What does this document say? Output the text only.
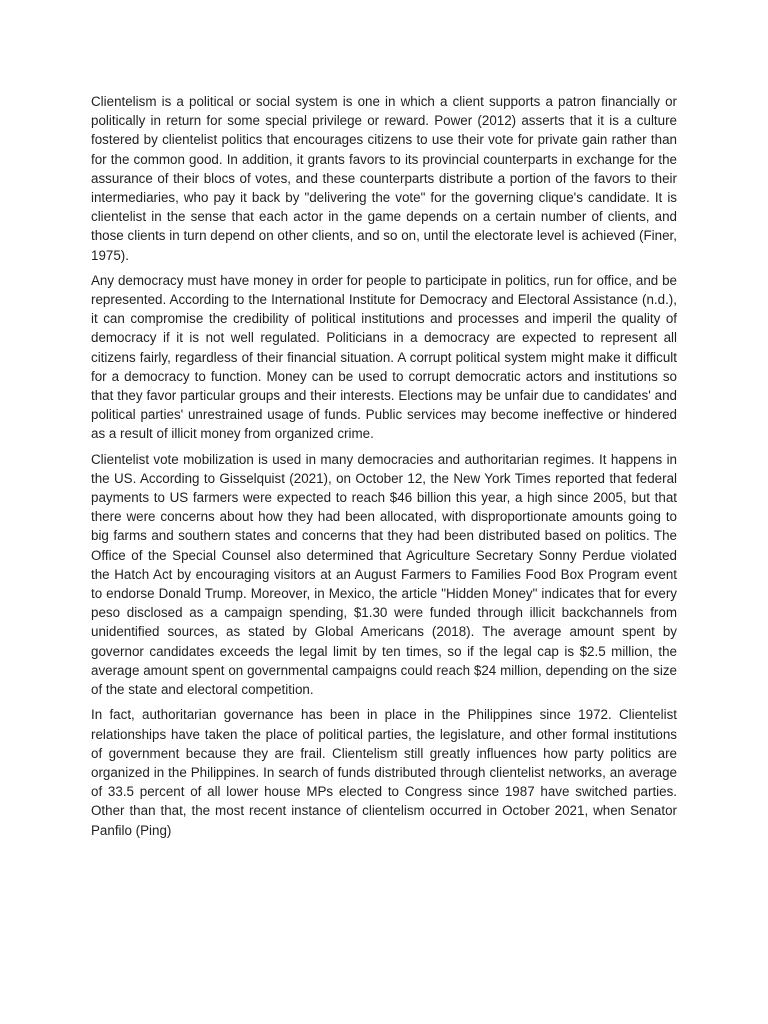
Clientelism is a political or social system is one in which a client supports a patron financially or politically in return for some special privilege or reward. Power (2012) asserts that it is a culture fostered by clientelist politics that encourages citizens to use their vote for private gain rather than for the common good. In addition, it grants favors to its provincial counterparts in exchange for the assurance of their blocs of votes, and these counterparts distribute a portion of the favors to their intermediaries, who pay it back by "delivering the vote" for the governing clique's candidate. It is clientelist in the sense that each actor in the game depends on a certain number of clients, and those clients in turn depend on other clients, and so on, until the electorate level is achieved (Finer, 1975).

Any democracy must have money in order for people to participate in politics, run for office, and be represented. According to the International Institute for Democracy and Electoral Assistance (n.d.), it can compromise the credibility of political institutions and processes and imperil the quality of democracy if it is not well regulated. Politicians in a democracy are expected to represent all citizens fairly, regardless of their financial situation. A corrupt political system might make it difficult for a democracy to function. Money can be used to corrupt democratic actors and institutions so that they favor particular groups and their interests. Elections may be unfair due to candidates' and political parties' unrestrained usage of funds. Public services may become ineffective or hindered as a result of illicit money from organized crime.

Clientelist vote mobilization is used in many democracies and authoritarian regimes. It happens in the US. According to Gisselquist (2021), on October 12, the New York Times reported that federal payments to US farmers were expected to reach $46 billion this year, a high since 2005, but that there were concerns about how they had been allocated, with disproportionate amounts going to big farms and southern states and concerns that they had been distributed based on politics. The Office of the Special Counsel also determined that Agriculture Secretary Sonny Perdue violated the Hatch Act by encouraging visitors at an August Farmers to Families Food Box Program event to endorse Donald Trump. Moreover, in Mexico, the article "Hidden Money" indicates that for every peso disclosed as a campaign spending, $1.30 were funded through illicit backchannels from unidentified sources, as stated by Global Americans (2018). The average amount spent by governor candidates exceeds the legal limit by ten times, so if the legal cap is $2.5 million, the average amount spent on governmental campaigns could reach $24 million, depending on the size of the state and electoral competition.

In fact, authoritarian governance has been in place in the Philippines since 1972. Clientelist relationships have taken the place of political parties, the legislature, and other formal institutions of government because they are frail. Clientelism still greatly influences how party politics are organized in the Philippines. In search of funds distributed through clientelist networks, an average of 33.5 percent of all lower house MPs elected to Congress since 1987 have switched parties. Other than that, the most recent instance of clientelism occurred in October 2021, when Senator Panfilo (Ping)
